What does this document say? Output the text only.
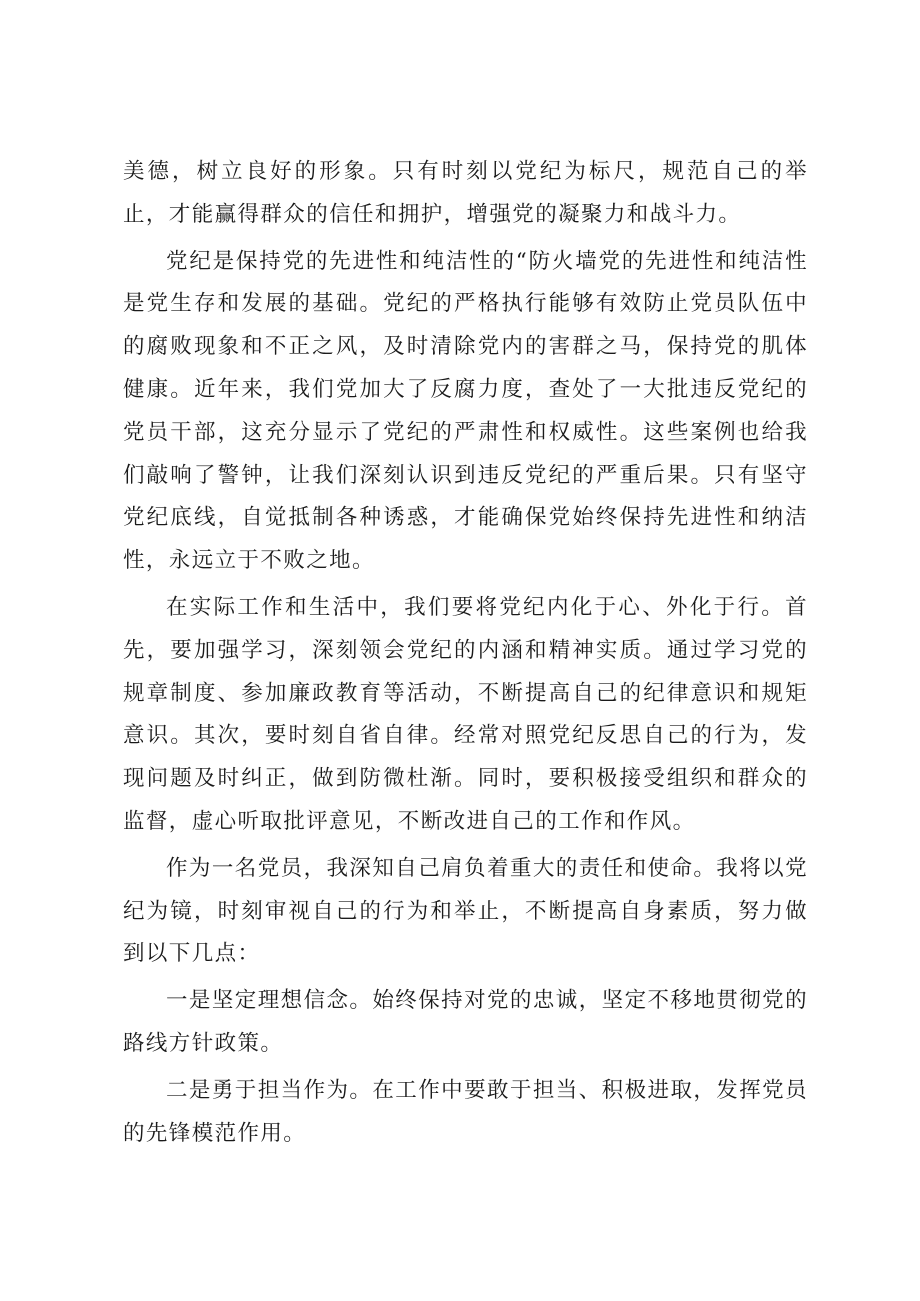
美德，树立良好的形象。只有时刻以党纪为标尺，规范自己的举止，才能赢得群众的信任和拥护，增强党的凝聚力和战斗力。

党纪是保持党的先进性和纯洁性的“防火墙党的先进性和纯洁性是党生存和发展的基础。党纪的严格执行能够有效防止党员队伍中的腐败现象和不正之风，及时清除党内的害群之马，保持党的肌体健康。近年来，我们党加大了反腐力度，查处了一大批违反党纪的党员干部，这充分显示了党纪的严肃性和权威性。这些案例也给我们敲响了警钟，让我们深刻认识到违反党纪的严重后果。只有坚守党纪底线，自觉抵制各种诱惑，才能确保党始终保持先进性和纳洁性，永远立于不败之地。

在实际工作和生活中，我们要将党纪内化于心、外化于行。首先，要加强学习，深刻领会党纪的内涵和精神实质。通过学习党的规章制度、参加廉政教育等活动，不断提高自己的纪律意识和规矩意识。其次，要时刻自省自律。经常对照党纪反思自己的行为，发现问题及时纠正，做到防微杜渐。同时，要积极接受组织和群众的监督，虚心听取批评意见，不断改进自己的工作和作风。

作为一名党员，我深知自己肩负着重大的责任和使命。我将以党纪为镜，时刻审视自己的行为和举止，不断提高自身素质，努力做到以下几点：

一是坚定理想信念。始终保持对党的忠诚，坚定不移地贯彻党的路线方针政策。

二是勇于担当作为。在工作中要敢于担当、积极进取，发挥党员的先锋模范作用。
